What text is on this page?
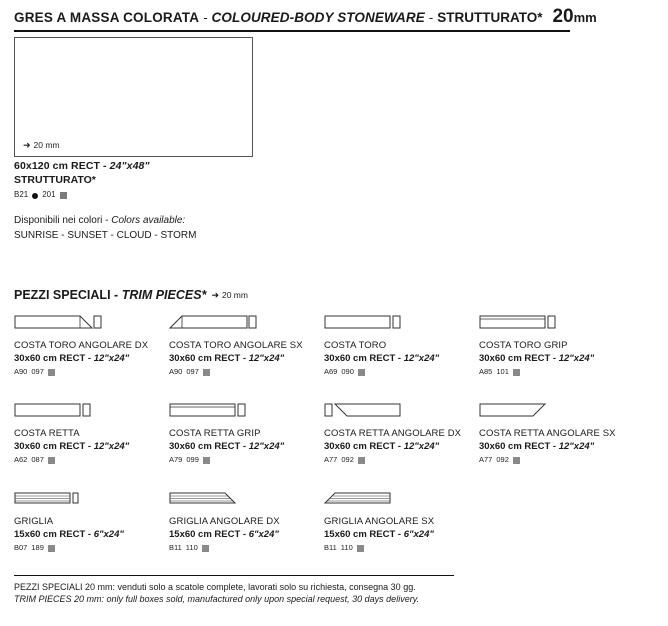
GRES A MASSA COLORATA - COLOURED-BODY STONEWARE - STRUTTURATO* 20mm
➜ 20 mm
60x120 cm RECT - 24"x48"
STRUTTURATO*
B21 201
Disponibili nei colori - Colors available:
SUNRISE - SUNSET - CLOUD - STORM
PEZZI SPECIALI
-
TRIM PIECES* ➜ 20 mm
COSTA TORO ANGOLARE DX
30x60 cm RECT - 12"x24"
A90 097
COSTA TORO ANGOLARE SX
30x60 cm RECT - 12"x24"
A90 097
COSTA TORO
30x60 cm RECT - 12"x24"
A69 090
COSTA TORO GRIP
30x60 cm RECT - 12"x24"
A85 101
COSTA RETTA
30x60 cm RECT - 12"x24"
A62 087
COSTA RETTA GRIP
30x60 cm RECT - 12"x24"
A79 099
COSTA RETTA ANGOLARE DX
30x60 cm RECT - 12"x24"
A77 092
COSTA RETTA ANGOLARE SX
30x60 cm RECT - 12"x24"
A77 092
GRIGLIA
15x60 cm RECT - 6"x24"
B07 189
GRIGLIA ANGOLARE DX
15x60 cm RECT - 6"x24"
B11 110
GRIGLIA ANGOLARE SX
15x60 cm RECT - 6"x24"
B11 110
PEZZI SPECIALI 20 mm: venduti solo a scatole complete, lavorati solo su richiesta, consegna 30 gg.
TRIM PIECES 20 mm: only full boxes sold, manufactured only upon special request, 30 days delivery.
